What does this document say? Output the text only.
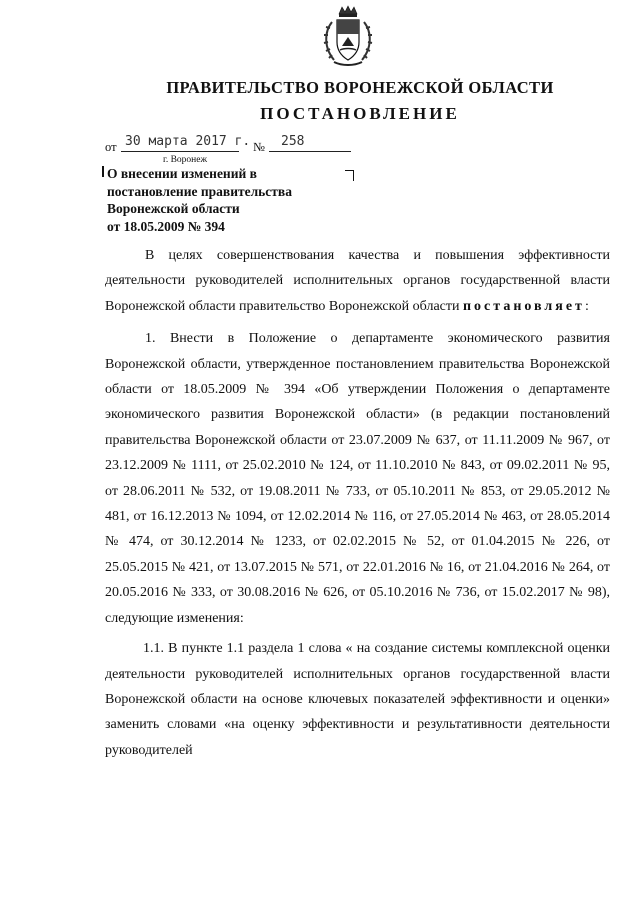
ПРАВИТЕЛЬСТВО ВОРОНЕЖСКОЙ ОБЛАСТИ
ПОСТАНОВЛЕНИЕ
от 30 марта 2017 г. № 258
г. Воронеж
О внесении изменений в
постановление правительства
Воронежской области
от 18.05.2009 № 394

В целях совершенствования качества и повышения эффективности деятельности руководителей исполнительных органов государственной власти Воронежской области правительство Воронежской области постановляет:

1. Внести в Положение о департаменте экономического развития Воронежской области, утвержденное постановлением правительства Воронежской области от 18.05.2009 № 394 «Об утверждении Положения о департаменте экономического развития Воронежской области» (в редакции постановлений правительства Воронежской области от 23.07.2009 № 637, от 11.11.2009 № 967, от 23.12.2009 № 1111, от 25.02.2010 № 124, от 11.10.2010 № 843, от 09.02.2011 № 95, от 28.06.2011 № 532, от 19.08.2011 № 733, от 05.10.2011 № 853, от 29.05.2012 № 481, от 16.12.2013 № 1094, от 12.02.2014 № 116, от 27.05.2014 № 463, от 28.05.2014 № 474, от 30.12.2014 № 1233, от 02.02.2015 № 52, от 01.04.2015 № 226, от 25.05.2015 № 421, от 13.07.2015 № 571, от 22.01.2016 № 16, от 21.04.2016 № 264, от 20.05.2016 № 333, от 30.08.2016 № 626, от 05.10.2016 № 736, от 15.02.2017 № 98), следующие изменения:

1.1. В пункте 1.1 раздела 1 слова « на создание системы комплексной оценки деятельности руководителей исполнительных органов государственной власти Воронежской области на основе ключевых показателей эффективности и оценки» заменить словами «на оценку эффективности и результативности деятельности руководителей
